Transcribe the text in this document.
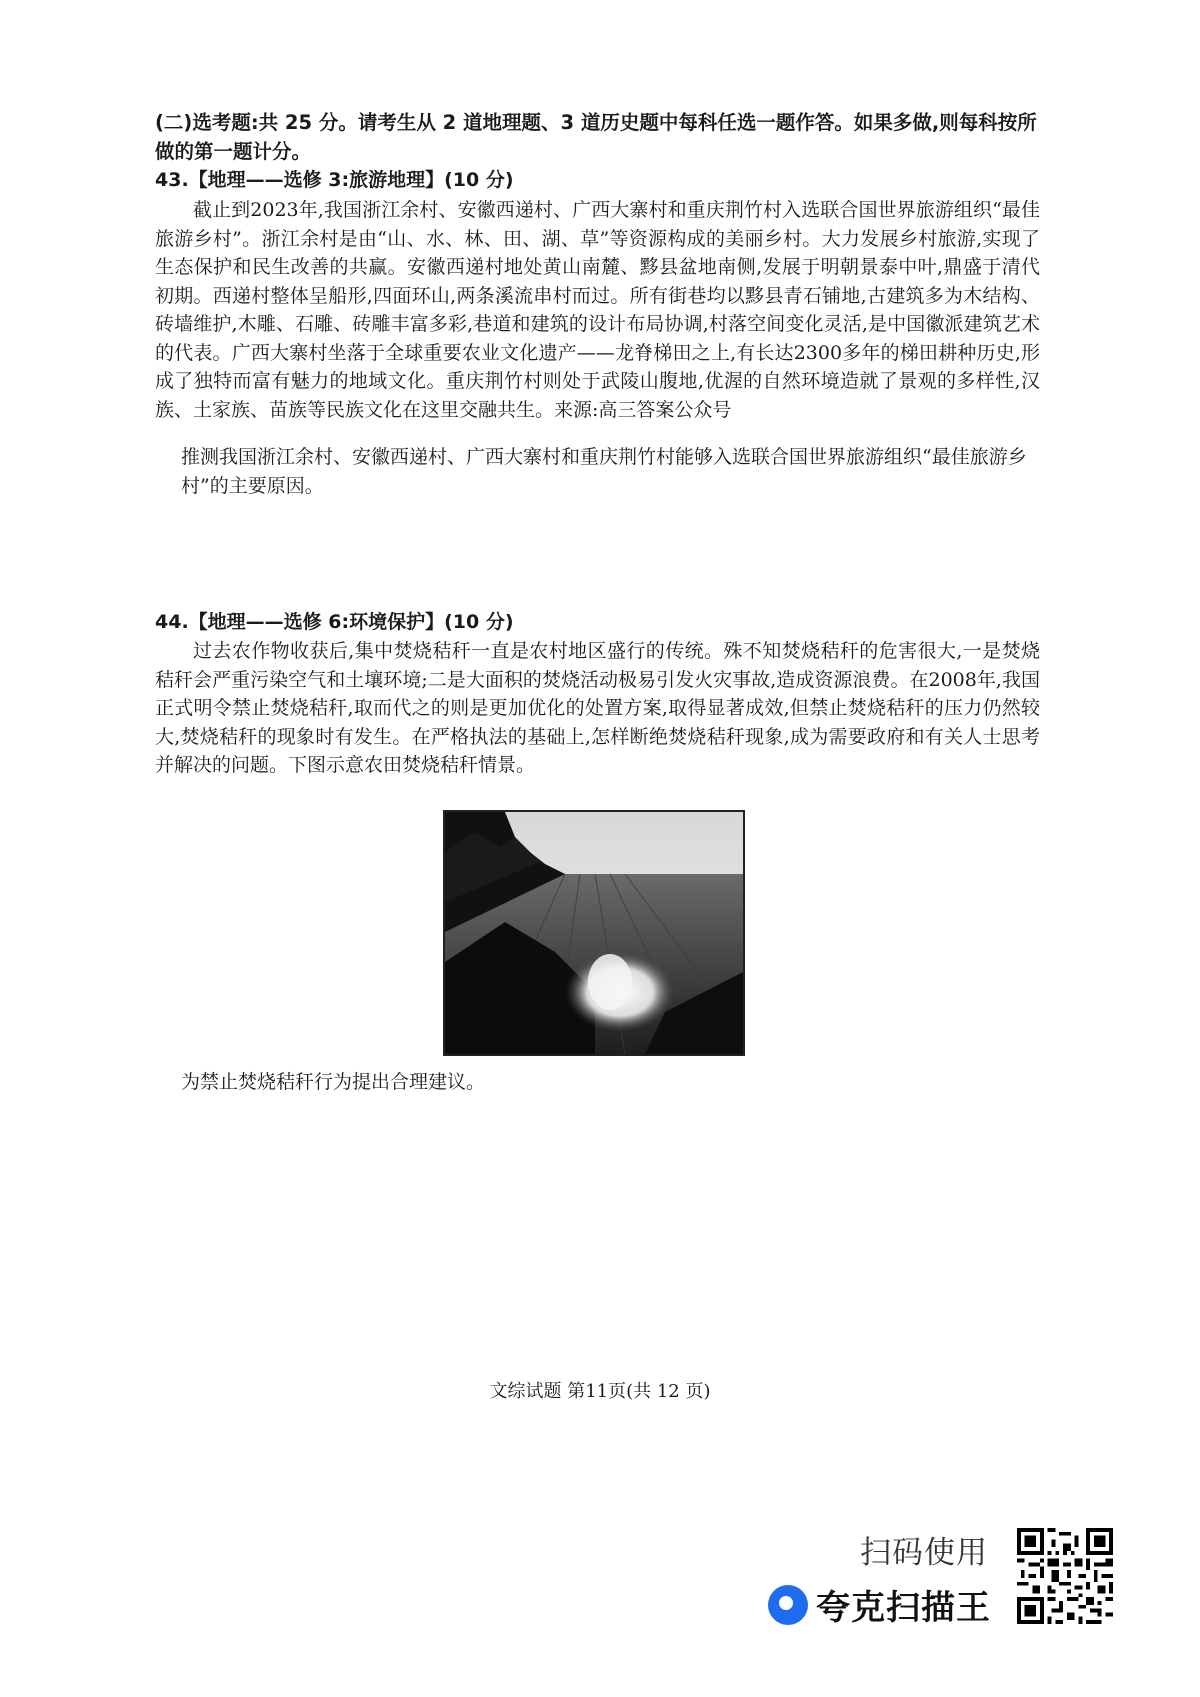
(二)选考题:共 25 分。请考生从 2 道地理题、3 道历史题中每科任选一题作答。如果多做,则每科按所做的第一题计分。
43.【地理——选修 3:旅游地理】(10 分)

截止到2023年,我国浙江余村、安徽西递村、广西大寨村和重庆荆竹村入选联合国世界旅游组织“最佳旅游乡村”。浙江余村是由“山、水、林、田、湖、草”等资源构成的美丽乡村。大力发展乡村旅游,实现了生态保护和民生改善的共赢。安徽西递村地处黄山南麓、黟县盆地南侧,发展于明朝景泰中叶,鼎盛于清代初期。西递村整体呈船形,四面环山,两条溪流串村而过。所有街巷均以黟县青石铺地,古建筑多为木结构、砖墙维护,木雕、石雕、砖雕丰富多彩,巷道和建筑的设计布局协调,村落空间变化灵活,是中国徽派建筑艺术的代表。广西大寨村坐落于全球重要农业文化遗产——龙脊梯田之上,有长达2300多年的梯田耕种历史,形成了独特而富有魅力的地域文化。重庆荆竹村则处于武陵山腹地,优渥的自然环境造就了景观的多样性,汉族、土家族、苗族等民族文化在这里交融共生。来源:高三答案公众号

推测我国浙江余村、安徽西递村、广西大寨村和重庆荆竹村能够入选联合国世界旅游组织“最佳旅游乡村”的主要原因。
44.【地理——选修 6:环境保护】(10 分)

过去农作物收获后,集中焚烧秸秆一直是农村地区盛行的传统。殊不知焚烧秸秆的危害很大,一是焚烧秸秆会严重污染空气和土壤环境;二是大面积的焚烧活动极易引发火灾事故,造成资源浪费。在2008年,我国正式明令禁止焚烧秸秆,取而代之的则是更加优化的处置方案,取得显著成效,但禁止焚烧秸秆的压力仍然较大,焚烧秸秆的现象时有发生。在严格执法的基础上,怎样断绝焚烧秸秆现象,成为需要政府和有关人士思考并解决的问题。下图示意农田焚烧秸秆情景。

为禁止焚烧秸秆行为提出合理建议。
文综试题 第11页(共 12 页)
扫码使用
夸克扫描王
